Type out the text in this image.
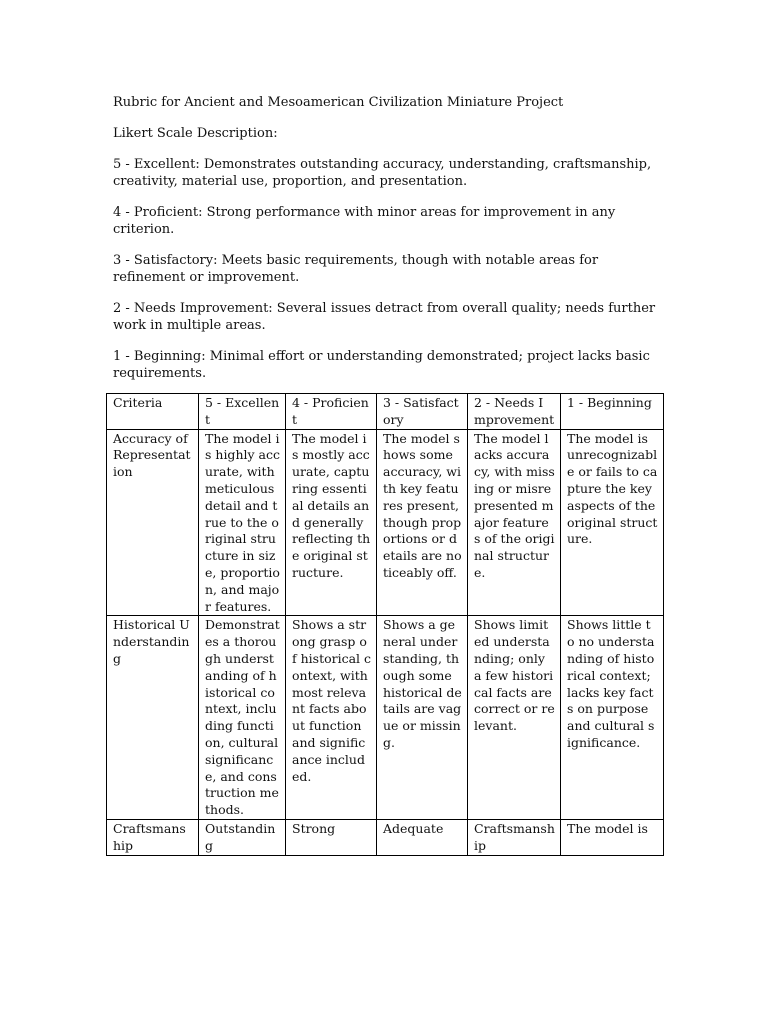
Rubric for Ancient and Mesoamerican Civilization Miniature Project

Likert Scale Description:

5 - Excellent: Demonstrates outstanding accuracy, understanding, craftsmanship, creativity, material use, proportion, and presentation.

4 - Proficient: Strong performance with minor areas for improvement in any criterion.

3 - Satisfactory: Meets basic requirements, though with notable areas for refinement or improvement.

2 - Needs Improvement: Several issues detract from overall quality; needs further work in multiple areas.

1 - Beginning: Minimal effort or understanding demonstrated; project lacks basic requirements.

Criteria	5 - Excellent	4 - Proficient	3 - Satisfactory	2 - Needs Improvement	1 - Beginning
Accuracy of Representation	The model is highly accurate, with meticulous detail and true to the original structure in size, proportion, and major features.	The model is mostly accurate, capturing essential details and generally reflecting the original structure.	The model shows some accuracy, with key features present, though proportions or details are noticeably off.	The model lacks accuracy, with missing or misrepresented major features of the original structure.	The model is unrecognizable or fails to capture the key aspects of the original structure.
Historical Understanding	Demonstrates a thorough understanding of historical context, including function, cultural significance, and construction methods.	Shows a strong grasp of historical context, with most relevant facts about function and significance included.	Shows a general understanding, though some historical details are vague or missing.	Shows limited understanding; only a few historical facts are correct or relevant.	Shows little to no understanding of historical context; lacks key facts on purpose and cultural significance.
Craftsmanship	Outstanding	Strong	Adequate	Craftsmanship	The model is
